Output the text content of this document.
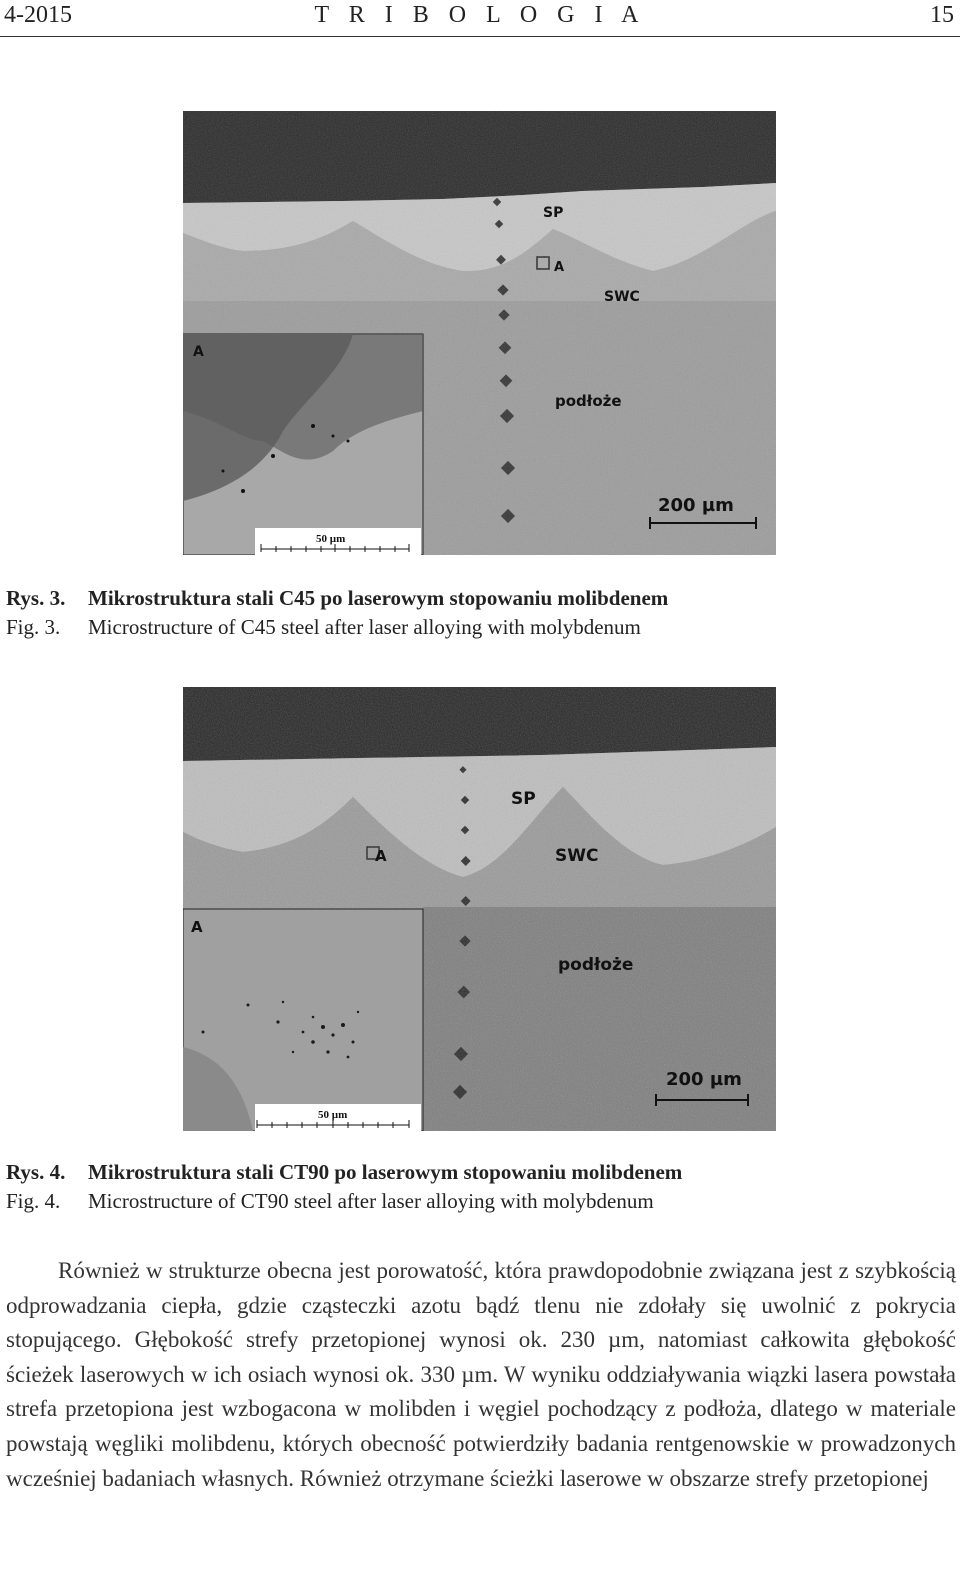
4-2015	T R I B O L O G I A	15
SP
A
SWC
podłoże
200 µm
A
50 µm
Rys. 3. Mikrostruktura stali C45 po laserowym stopowaniu molibdenem
Fig. 3. Microstructure of C45 steel after laser alloying with molybdenum
SP
A	SWC
podłoże
200 µm
A
50 µm
Rys. 4. Mikrostruktura stali CT90 po laserowym stopowaniu molibdenem
Fig. 4. Microstructure of CT90 steel after laser alloying with molybdenum

Również w strukturze obecna jest porowatość, która prawdopodobnie związana jest z szybkością odprowadzania ciepła, gdzie cząsteczki azotu bądź tlenu nie zdołały się uwolnić z pokrycia stopującego. Głębokość strefy przetopionej wynosi ok. 230 µm, natomiast całkowita głębokość ścieżek laserowych w ich osiach wynosi ok. 330 µm. W wyniku oddziaływania wiązki lasera powstała strefa przetopiona jest wzbogacona w molibden i węgiel pochodzący z podłoża, dlatego w materiale powstają węgliki molibdenu, których obecność potwierdziły badania rentgenowskie w prowadzonych wcześniej badaniach własnych. Również otrzymane ścieżki laserowe w obszarze strefy przetopionej
